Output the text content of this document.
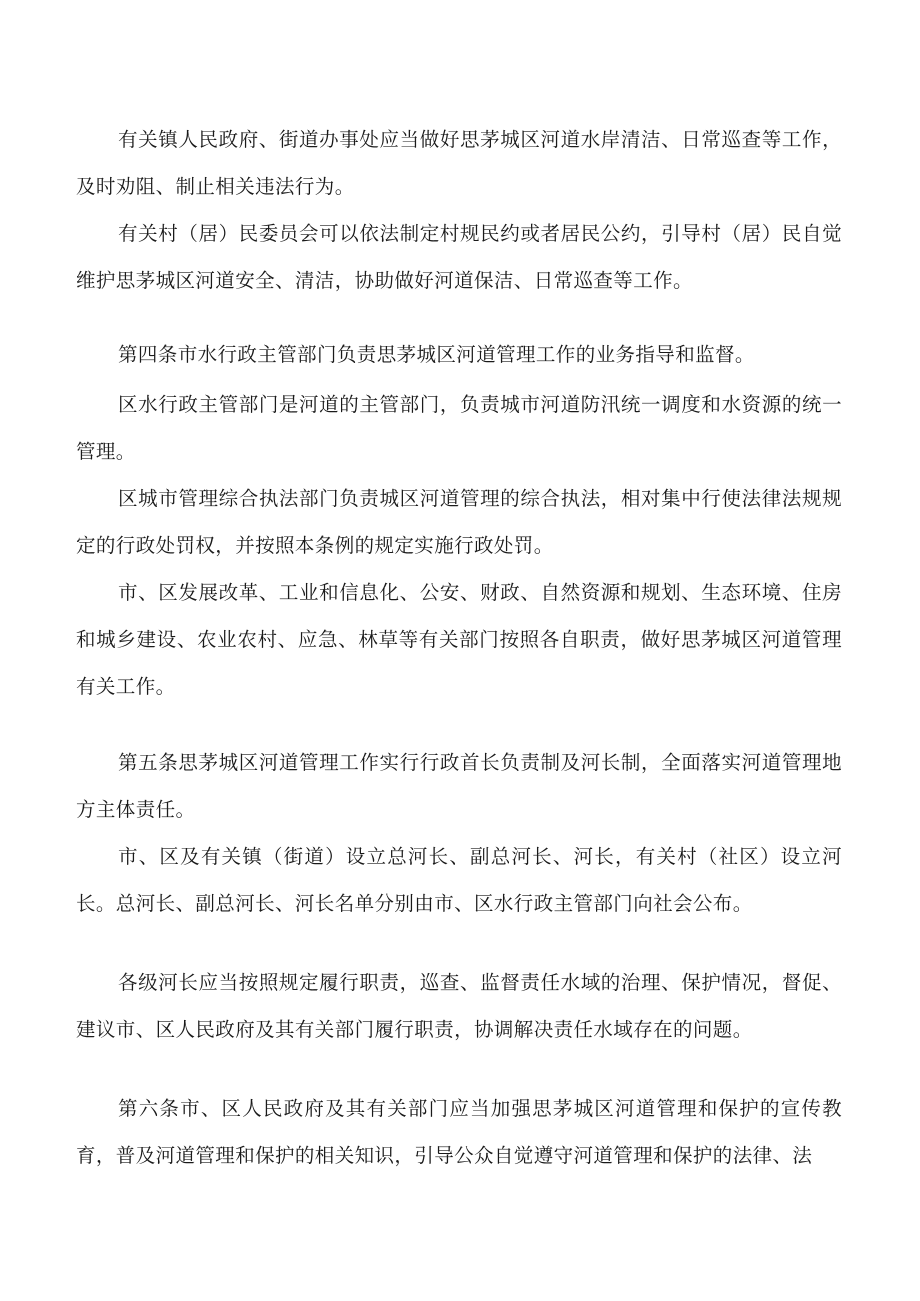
有关镇人民政府、街道办事处应当做好思茅城区河道水岸清洁、日常巡查等工作，及时劝阻、制止相关违法行为。

有关村（居）民委员会可以依法制定村规民约或者居民公约，引导村（居）民自觉维护思茅城区河道安全、清洁，协助做好河道保洁、日常巡查等工作。

第四条市水行政主管部门负责思茅城区河道管理工作的业务指导和监督。

区水行政主管部门是河道的主管部门，负责城市河道防汛统一调度和水资源的统一管理。

区城市管理综合执法部门负责城区河道管理的综合执法，相对集中行使法律法规规定的行政处罚权，并按照本条例的规定实施行政处罚。

市、区发展改革、工业和信息化、公安、财政、自然资源和规划、生态环境、住房和城乡建设、农业农村、应急、林草等有关部门按照各自职责，做好思茅城区河道管理有关工作。

第五条思茅城区河道管理工作实行行政首长负责制及河长制，全面落实河道管理地方主体责任。

市、区及有关镇（街道）设立总河长、副总河长、河长，有关村（社区）设立河长。总河长、副总河长、河长名单分别由市、区水行政主管部门向社会公布。

各级河长应当按照规定履行职责，巡查、监督责任水域的治理、保护情况，督促、建议市、区人民政府及其有关部门履行职责，协调解决责任水域存在的问题。

第六条市、区人民政府及其有关部门应当加强思茅城区河道管理和保护的宣传教育，普及河道管理和保护的相关知识，引导公众自觉遵守河道管理和保护的法律、法
